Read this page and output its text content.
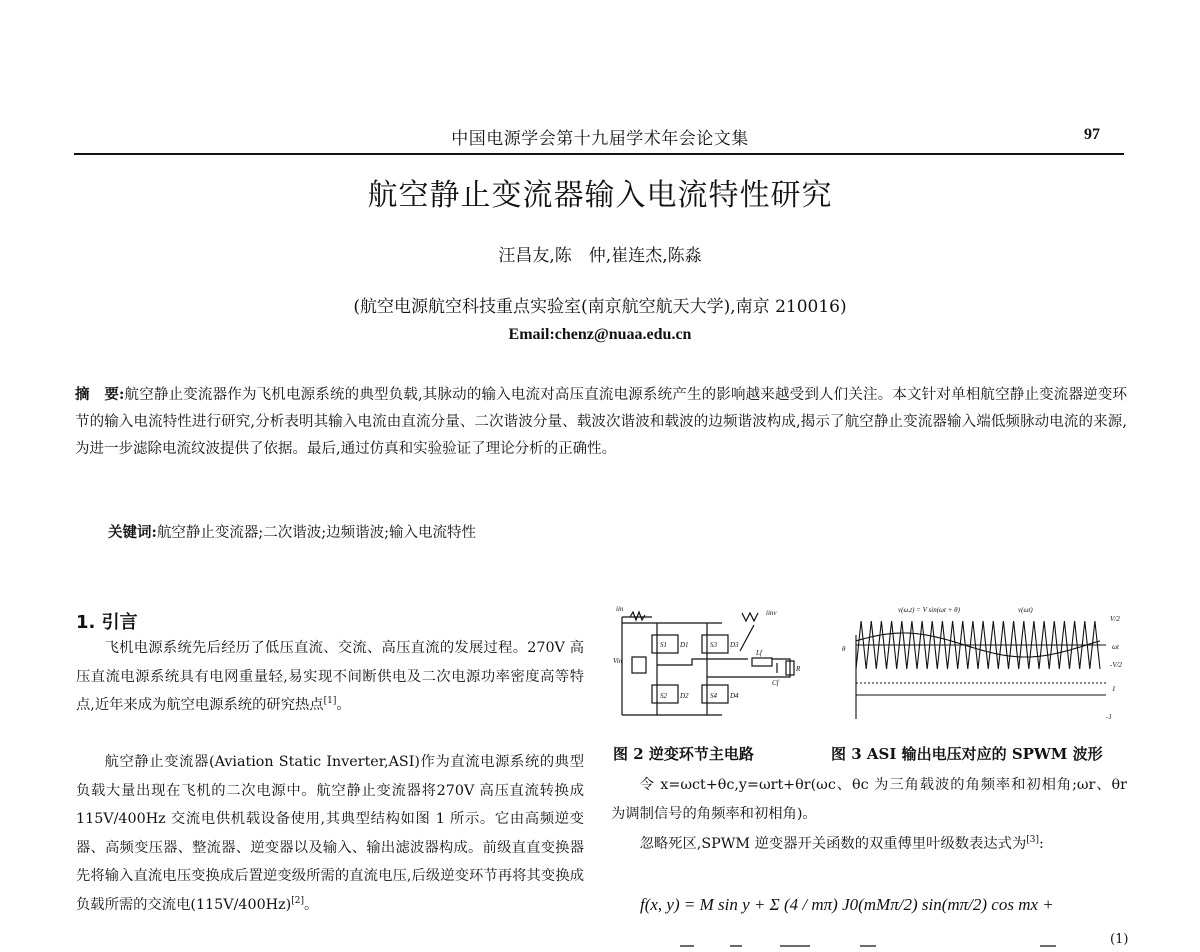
中国电源学会第十九届学术年会论文集	97
航空静止变流器输入电流特性研究
汪昌友,陈　仲,崔连杰,陈淼
(航空电源航空科技重点实验室(南京航空航天大学),南京 210016)
Email:chenz@nuaa.edu.cn
摘　要:航空静止变流器作为飞机电源系统的典型负载,其脉动的输入电流对高压直流电源系统产生的影响越来越受到人们关注。本文针对单相航空静止变流器逆变环节的输入电流特性进行研究,分析表明其输入电流由直流分量、二次谐波分量、载波次谐波和载波的边频谐波构成,揭示了航空静止变流器输入端低频脉动电流的来源,为进一步滤除电流纹波提供了依据。最后,通过仿真和实验验证了理论分析的正确性。
关键词:航空静止变流器;二次谐波;边频谐波;输入电流特性
1. 引言
飞机电源系统先后经历了低压直流、交流、高压直流的发展过程。270V 高压直流电源系统具有电网重量轻,易实现不间断供电及二次电源功率密度高等特点,近年来成为航空电源系统的研究热点[1]。
航空静止变流器(Aviation Static Inverter,ASI)作为直流电源系统的典型负载大量出现在飞机的二次电源中。航空静止变流器将270V 高压直流转换成 115V/400Hz 交流电供机载设备使用,其典型结构如图 1 所示。它由高频逆变器、高频变压器、整流器、逆变器以及输入、输出滤波器构成。前级直直变换器先将输入直流电压变换成后置逆变级所需的直流电压,后级逆变环节再将其变换成负载所需的交流电(115V/400Hz)[2]。
iin
Vin
iinv
S1
S2
S3
S4
D1
D2
D3
D4
Lf
Cf
R
v(ω,t) = V sin(ωt + θ)	v(ωt)
θ
V/2
-V/2
1
-1
ωt
图 2 逆变环节主电路	图 3 ASI 输出电压对应的 SPWM 波形
令 x=ωct+θc,y=ωrt+θr(ωc、θc 为三角载波的角频率和初相角;ωr、θr 为调制信号的角频率和初相角)。
忽略死区,SPWM 逆变器开关函数的双重傅里叶级数表达式为[3]:
f(x, y) = M sin y + Σ (4 / mπ) J0(mMπ/2) sin(mπ/2) cos mx +
(1)
